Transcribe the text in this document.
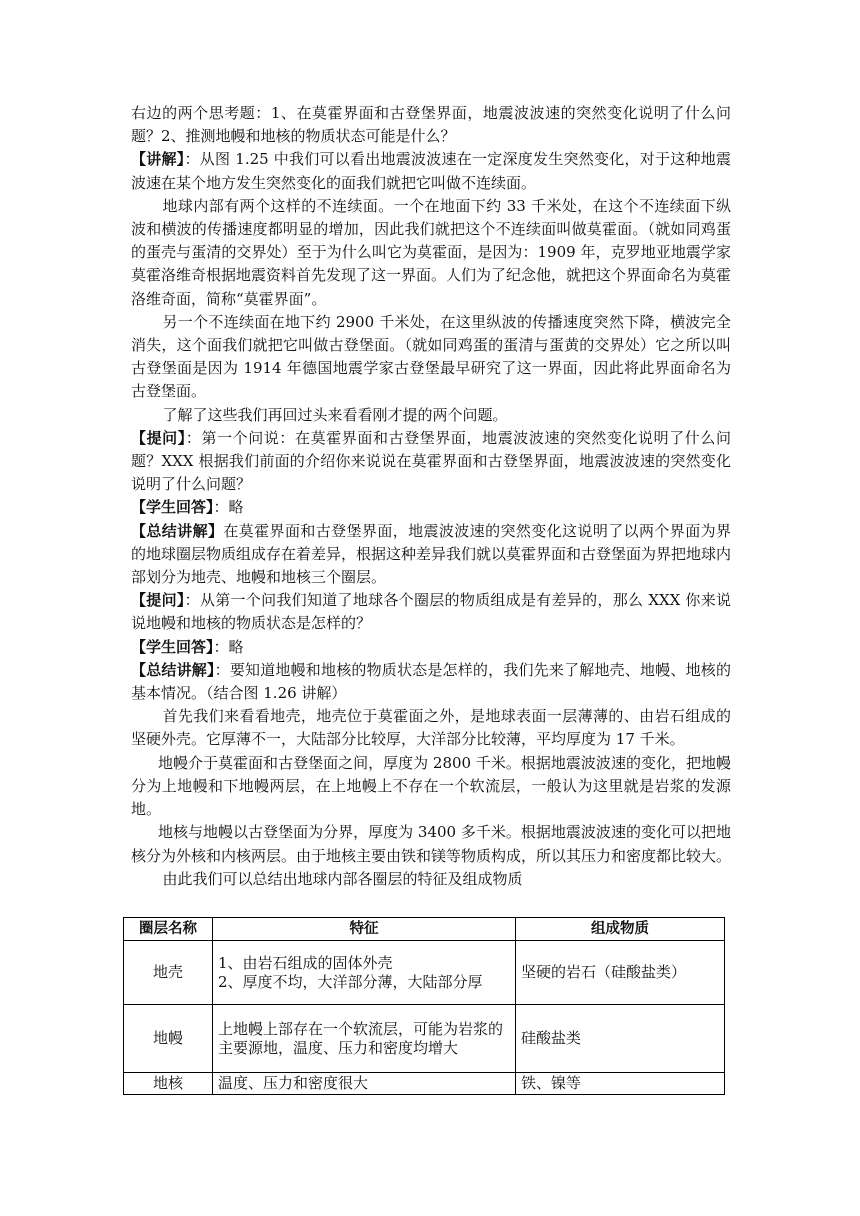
右边的两个思考题：1、在莫霍界面和古登堡界面，地震波波速的突然变化说明了什么问题？2、推测地幔和地核的物质状态可能是什么？

【讲解】：从图 1.25 中我们可以看出地震波波速在一定深度发生突然变化，对于这种地震波速在某个地方发生突然变化的面我们就把它叫做不连续面。

地球内部有两个这样的不连续面。一个在地面下约 33 千米处，在这个不连续面下纵波和横波的传播速度都明显的增加，因此我们就把这个不连续面叫做莫霍面。（就如同鸡蛋的蛋壳与蛋清的交界处）至于为什么叫它为莫霍面，是因为：1909 年，克罗地亚地震学家莫霍洛维奇根据地震资料首先发现了这一界面。人们为了纪念他，就把这个界面命名为莫霍洛维奇面，简称“莫霍界面”。

另一个不连续面在地下约 2900 千米处，在这里纵波的传播速度突然下降，横波完全消失，这个面我们就把它叫做古登堡面。（就如同鸡蛋的蛋清与蛋黄的交界处）它之所以叫古登堡面是因为 1914 年德国地震学家古登堡最早研究了这一界面，因此将此界面命名为古登堡面。

了解了这些我们再回过头来看看刚才提的两个问题。

【提问】：第一个问说：在莫霍界面和古登堡界面，地震波波速的突然变化说明了什么问题？XXX 根据我们前面的介绍你来说说在莫霍界面和古登堡界面，地震波波速的突然变化说明了什么问题？

【学生回答】：略

【总结讲解】在莫霍界面和古登堡界面，地震波波速的突然变化这说明了以两个界面为界的地球圈层物质组成存在着差异，根据这种差异我们就以莫霍界面和古登堡面为界把地球内部划分为地壳、地幔和地核三个圈层。

【提问】：从第一个问我们知道了地球各个圈层的物质组成是有差异的，那么 XXX 你来说说地幔和地核的物质状态是怎样的？

【学生回答】：略

【总结讲解】：要知道地幔和地核的物质状态是怎样的，我们先来了解地壳、地幔、地核的基本情况。（结合图 1.26 讲解）

首先我们来看看地壳，地壳位于莫霍面之外，是地球表面一层薄薄的、由岩石组成的坚硬外壳。它厚薄不一，大陆部分比较厚，大洋部分比较薄，平均厚度为 17 千米。

地幔介于莫霍面和古登堡面之间，厚度为 2800 千米。根据地震波波速的变化，把地幔分为上地幔和下地幔两层，在上地幔上不存在一个软流层，一般认为这里就是岩浆的发源地。

地核与地幔以古登堡面为分界，厚度为 3400 多千米。根据地震波波速的变化可以把地核分为外核和内核两层。由于地核主要由铁和镁等物质构成，所以其压力和密度都比较大。

由此我们可以总结出地球内部各圈层的特征及组成物质

圈层名称	特征	组成物质
地壳	1、由岩石组成的固体外壳
2、厚度不均，大洋部分薄，大陆部分厚	坚硬的岩石（硅酸盐类）
地幔	上地幔上部存在一个软流层，可能为岩浆的主要源地，温度、压力和密度均增大	硅酸盐类
地核	温度、压力和密度很大	铁、镍等
